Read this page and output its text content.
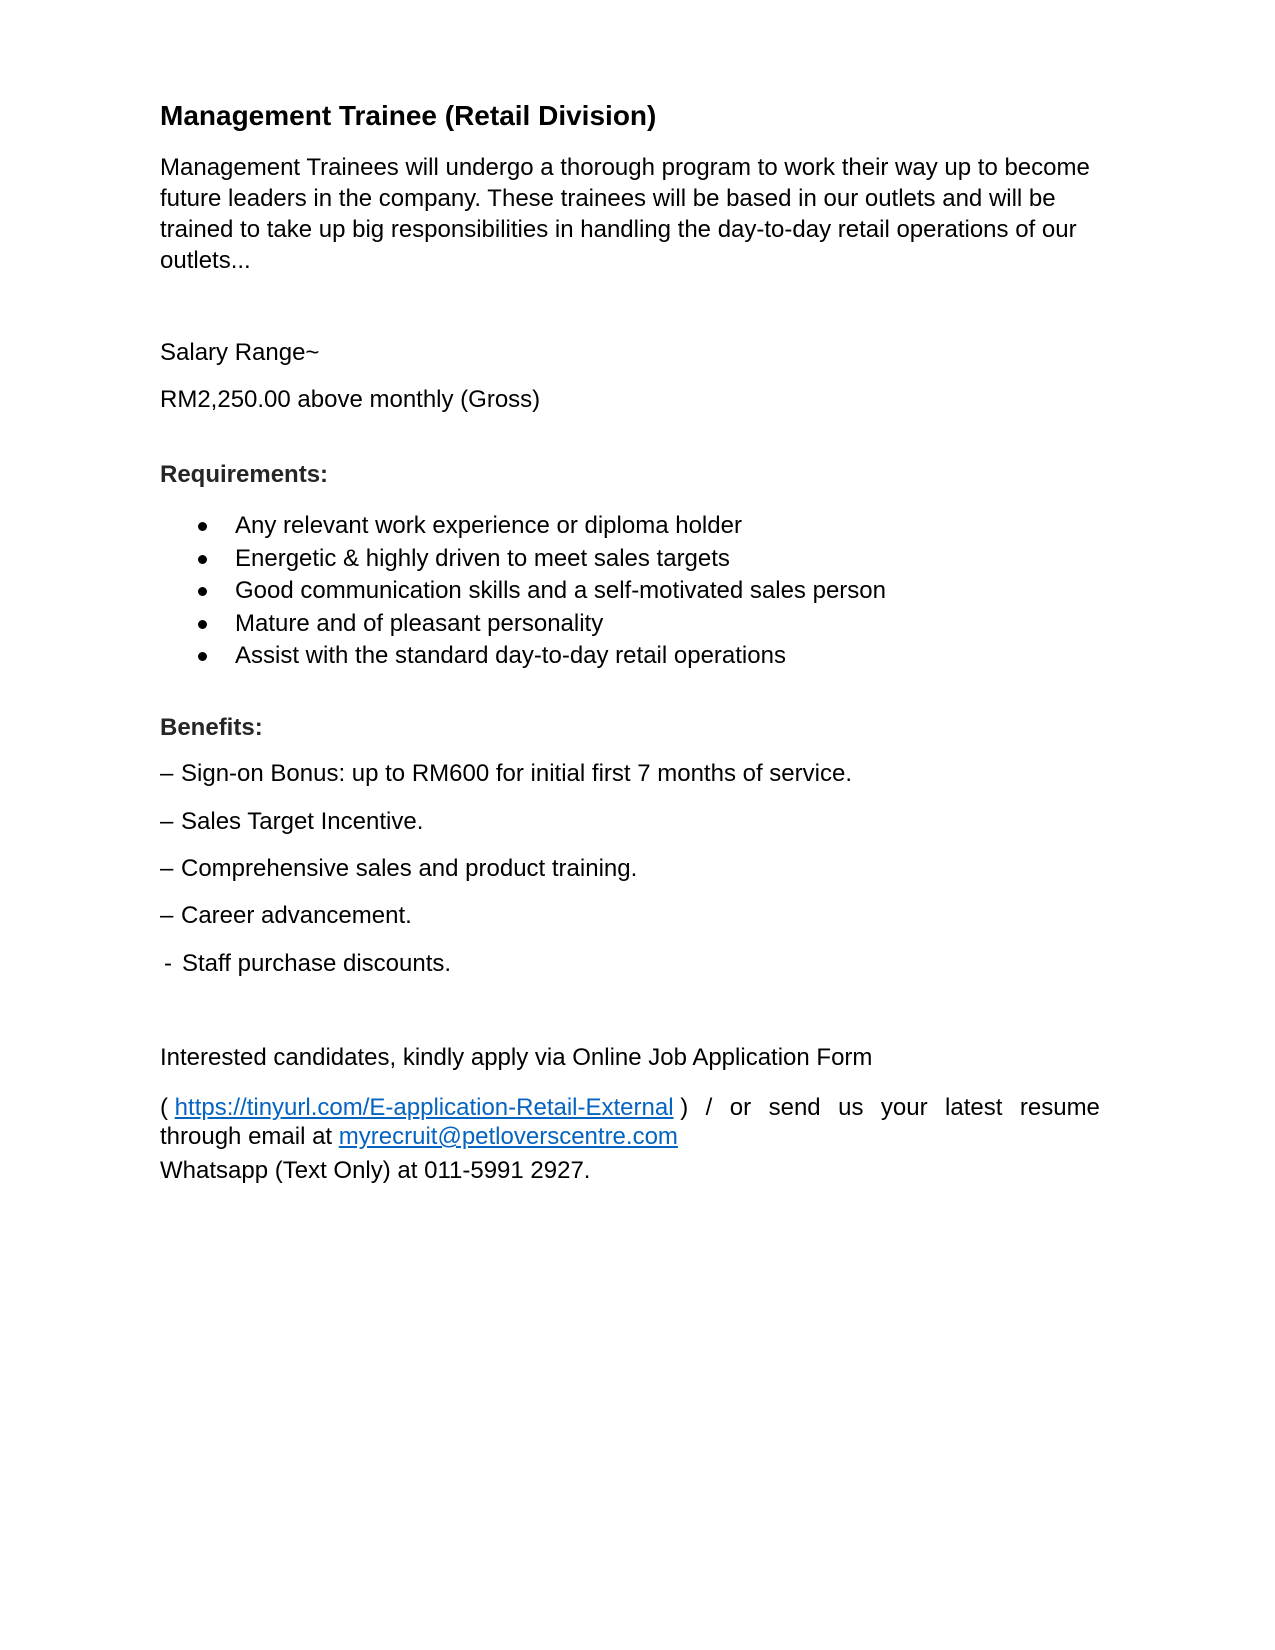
Management Trainee (Retail Division)

Management Trainees will undergo a thorough program to work their way up to become future leaders in the company. These trainees will be based in our outlets and will be trained to take up big responsibilities in handling the day-to-day retail operations of our outlets...

Salary Range~

RM2,250.00 above monthly (Gross)

Requirements:

Any relevant work experience or diploma holder
Energetic & highly driven to meet sales targets
Good communication skills and a self-motivated sales person
Mature and of pleasant personality
Assist with the standard day-to-day retail operations

Benefits:

– Sign-on Bonus: up to RM600 for initial first 7 months of service.

– Sales Target Incentive.

– Comprehensive sales and product training.

– Career advancement.

- Staff purchase discounts.

Interested candidates, kindly apply via Online Job Application Form

( https://tinyurl.com/E-application-Retail-External ) / or send us your latest resume
through email at myrecruit@petloverscentre.com

Whatsapp (Text Only) at 011-5991 2927.
